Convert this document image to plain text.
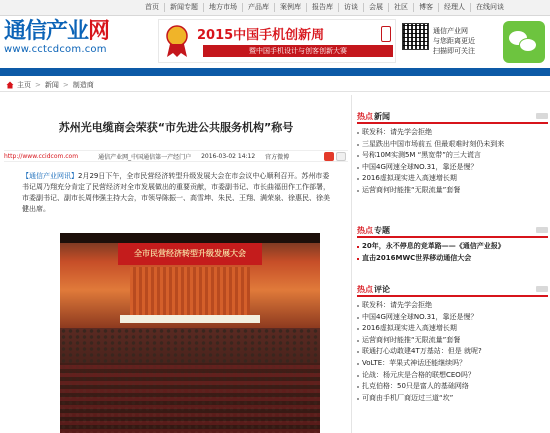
首页	新闻专题	地方市场	产品库	案例库	报告库	访谈	会展	社区	博客	经理人	在线问谈
通信产业网
www.cctcdcom.com
2015中国手机创新周
暨中国手机设计与创客创新大赛
通信产业网
与您距离更近
扫描即可关注
主页 > 新闻 > 制造商
苏州光电缆商会荣获“市先进公共服务机构”称号
http://www.ccidcom.com	通信产业网_中国通信第一产经门户 2016-03-02 14:12 官方微博
【通信产业网讯】2月29日下午，全市民营经济转型升级发展大会在市会议中心顺利召开。苏州市委书记周乃翔充分肯定了民营经济对全市发展做出的重要贡献，市委副书记、市长曲福田作工作部署，市委副书记、副市长周伟强主持大会，市领导陈振一、高雪坤、朱民、王翔、满荣泉、徐惠民、徐美健出席。
全市民营经济转型升级发展大会
热点 新闻
联发科：请先学会拒绝
三星跌出中国市场前五 但最艰难时刻仍未到来
号称10M实测5M “黑宽带”的三大谎言
中国4G网速全球NO.31，靠还是慢？
2016虚拟现实进入高速增长期
运营商何时能推“无限流量”套餐
热点 专题
20年，永不停息的竞革路——《通信产业报》
直击2016MWC世界移动通信大会
热点 评论
联发科：请先学会拒绝
中国4G网速全球NO.31，靠还是慢？
2016虚拟现实进入高速增长期
运营商何时能推“无限流量”套餐
联通打心动敢建4T万基站：但是 就呢?
VoLTE：苹果式神话还能继续吗？
论战：杨元庆是合格的联想CEO吗？
扎克伯格：50只是富人的基础网络
可商由手机厂商迈过三道“坎”
